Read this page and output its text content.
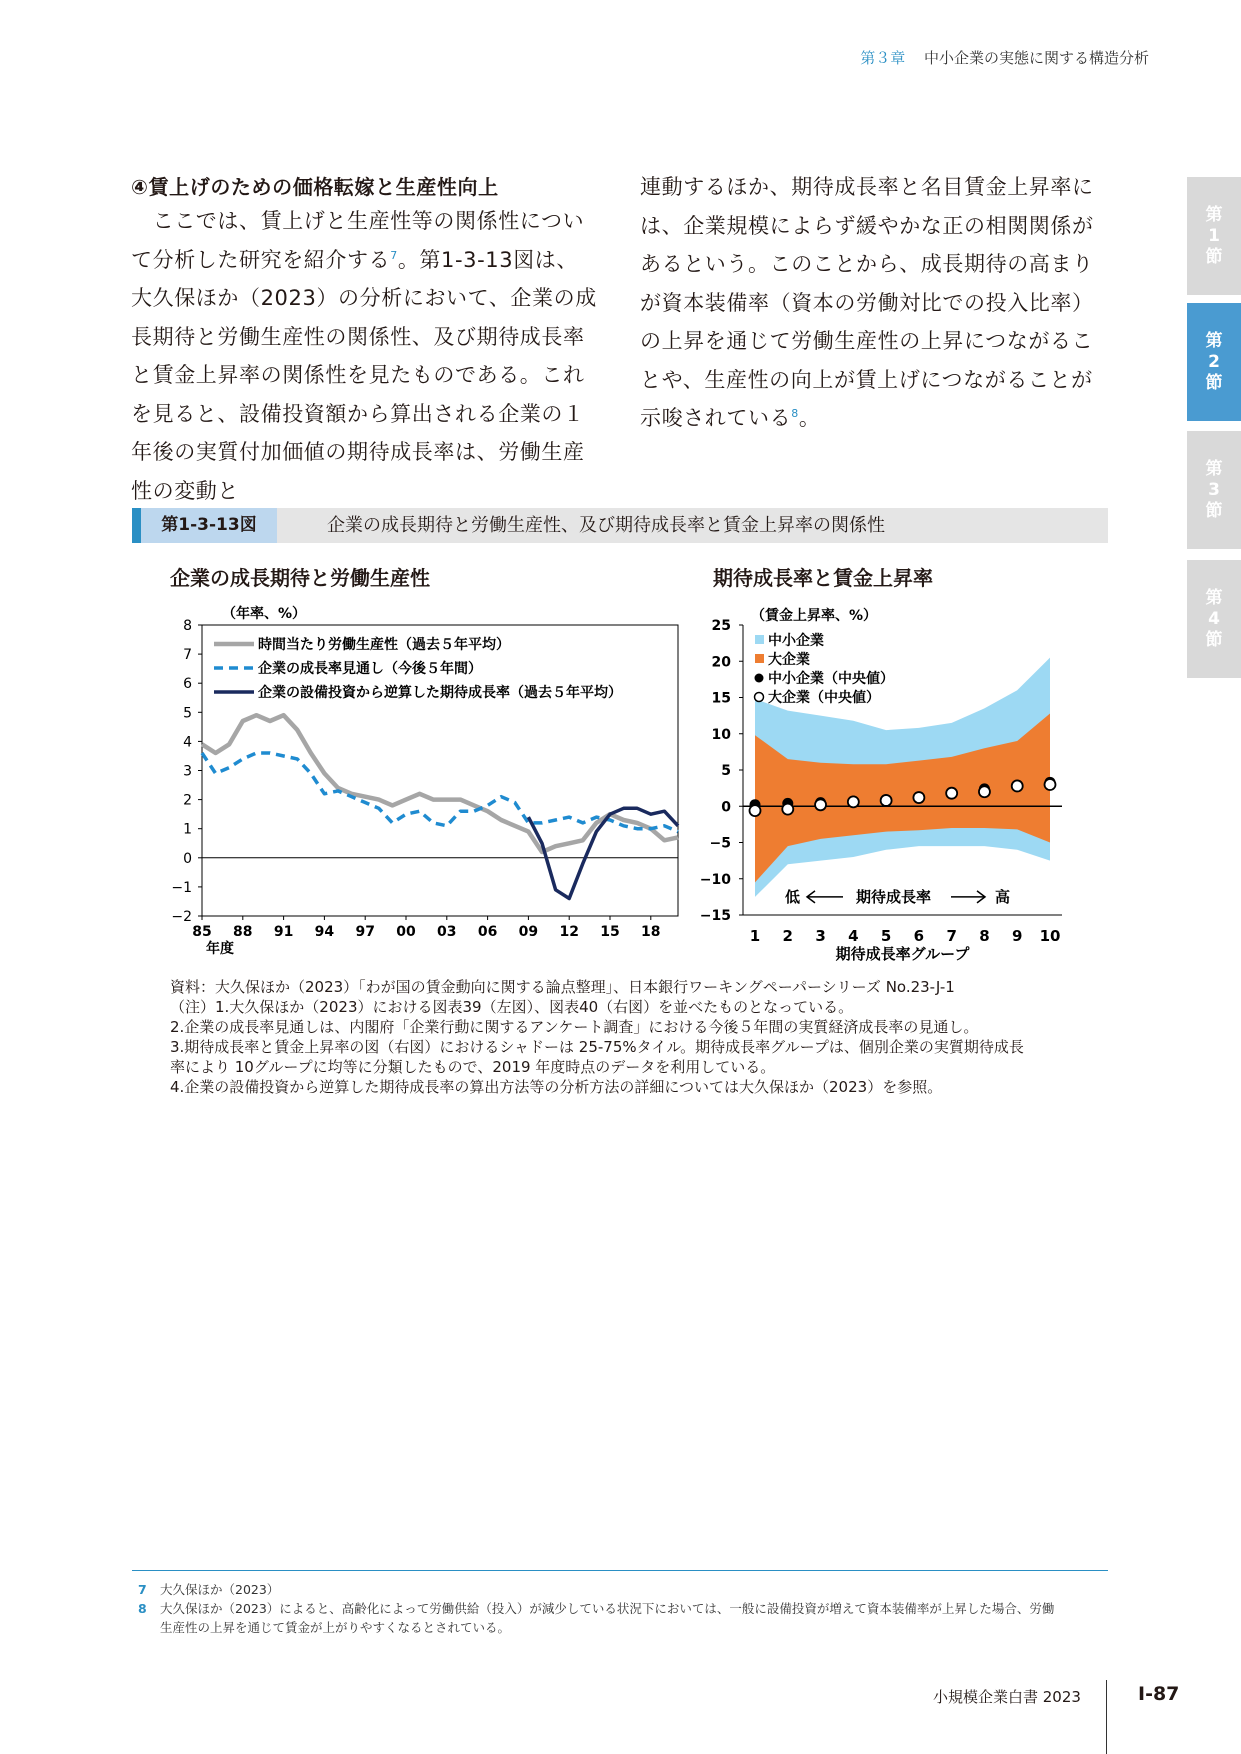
第３章 中小企業の実態に関する構造分析
第
1
節
第
2
節
第
3
節
第
4
節
④賃上げのための価格転嫁と生産性向上

　ここでは、賃上げと生産性等の関係性について分析した研究を紹介する$^7$。第1-3-13図は、大久保ほか（2023）の分析において、企業の成長期待と労働生産性の関係性、及び期待成長率と賃金上昇率の関係性を見たものである。これを見ると、設備投資額から算出される企業の１年後の実質付加価値の期待成長率は、労働生産性の変動と

連動するほか、期待成長率と名目賃金上昇率には、企業規模によらず緩やかな正の相関関係があるという。このことから、成長期待の高まりが資本装備率（資本の労働対比での投入比率）の上昇を通じて労働生産性の上昇につながることや、生産性の向上が賃上げにつながることが示唆されている$^8$。

第1-3-13図	企業の成長期待と労働生産性、及び期待成長率と賃金上昇率の関係性
企業の成長期待と労働生産性	期待成長率と賃金上昇率
8
7
6
5
4
3
2
1
0
−1
−2
85 88 91 94 97 00 03 06 09 12 15 18
（年率、%）
年度
時間当たり労働生産性（過去５年平均）
企業の成長率見通し（今後５年間）
企業の設備投資から逆算した期待成長率（過去５年平均）
25
20
15
10
5
0
−5
−10
−15
1 2 3 4 5 6 7 8 9 10
（賃金上昇率、%）
期待成長率グループ
低	期待成長率	高
中小企業
大企業
中小企業（中央値）
大企業（中央値）
資料：大久保ほか（2023）「わが国の賃金動向に関する論点整理」、日本銀行ワーキングペーパーシリーズ No.23-J-1
（注）1.大久保ほか（2023）における図表39（左図）、図表40（右図）を並べたものとなっている。
2.企業の成長率見通しは、内閣府「企業行動に関するアンケート調査」における今後５年間の実質経済成長率の見通し。
3.期待成長率と賃金上昇率の図（右図）におけるシャドーは 25-75%タイル。期待成長率グループは、個別企業の実質期待成長
率により 10グループに均等に分類したもので、2019 年度時点のデータを利用している。
4.企業の設備投資から逆算した期待成長率の算出方法等の分析方法の詳細については大久保ほか（2023）を参照。
7 大久保ほか（2023）
8 大久保ほか（2023）によると、高齢化によって労働供給（投入）が減少している状況下においては、一般に設備投資が増えて資本装備率が上昇した場合、労働
生産性の上昇を通じて賃金が上がりやすくなるとされている。
小規模企業白書 2023	Ⅰ-87
